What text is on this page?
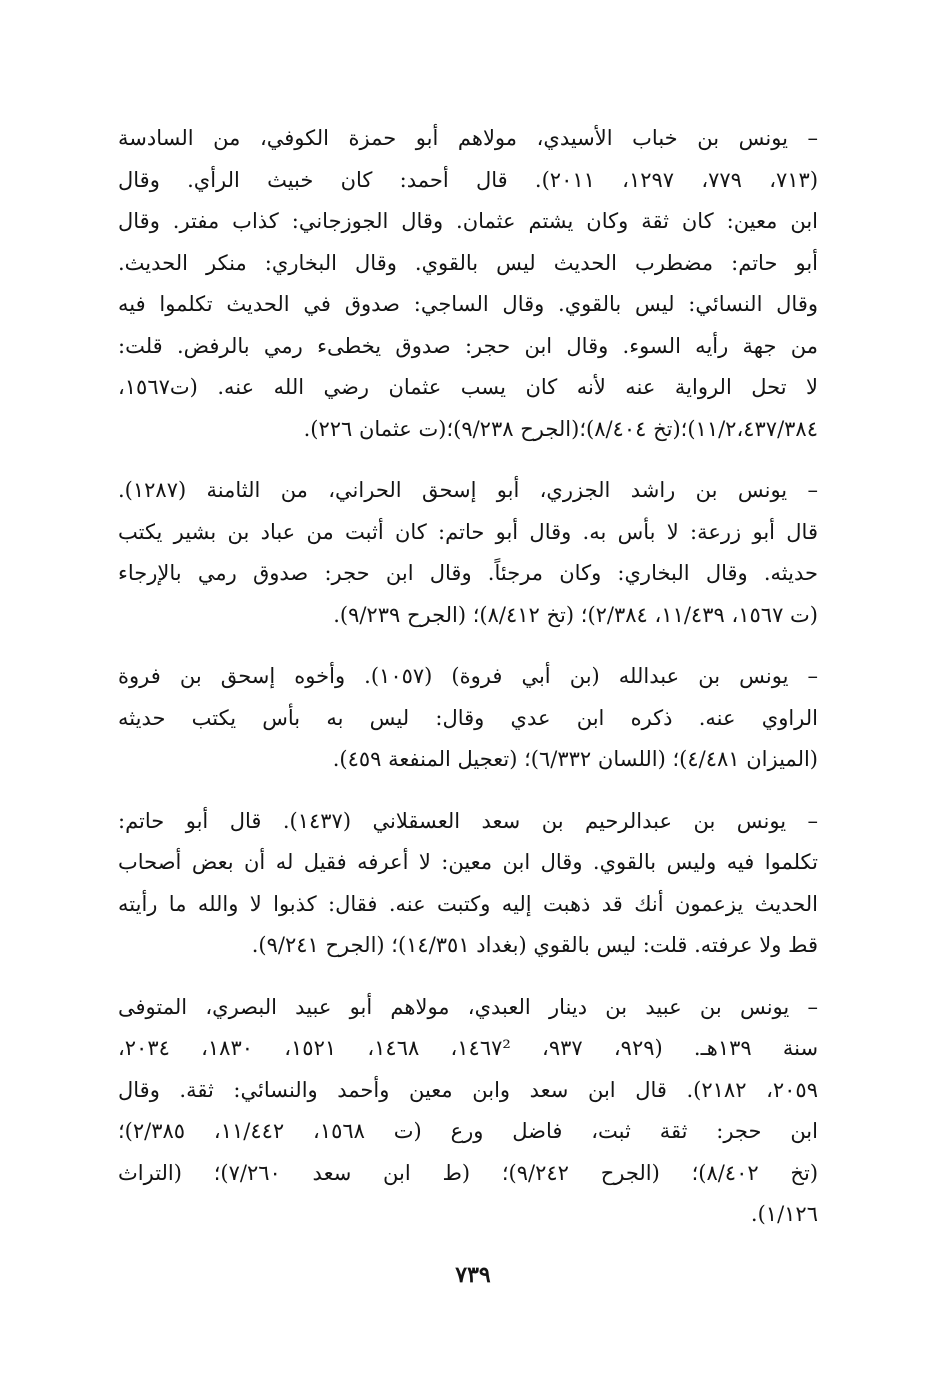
– يونس بن خباب الأسيدي، مولاهم أبو حمزة الكوفي، من السادسة
(٧١٣، ٧٧٩، ١٢٩٧، ٢٠١١). قال أحمد: كان خبيث الرأي. وقال
ابن معين: كان ثقة وكان يشتم عثمان. وقال الجوزجاني: كذاب مفتر. وقال
أبو حاتم: مضطرب الحديث ليس بالقوي. وقال البخاري: منكر الحديث.
وقال النسائي: ليس بالقوي. وقال الساجي: صدوق في الحديث تكلموا فيه
من جهة رأيه السوء. وقال ابن حجر: صدوق يخطىء رمي بالرفض. قلت:
لا تحل الرواية عنه لأنه كان يسب عثمان رضي الله عنه. (ت١٥٦٧،
١١/٢،٤٣٧/٣٨٤)؛(تخ ٨/٤٠٤)؛(الجرح ٩/٢٣٨)؛(ت عثمان ٢٢٦).
– يونس بن راشد الجزري، أبو إسحق الحراني، من الثامنة (١٢٨٧).
قال أبو زرعة: لا بأس به. وقال أبو حاتم: كان أثبت من عباد بن بشير يكتب
حديثه. وقال البخاري: وكان مرجئاً. وقال ابن حجر: صدوق رمي بالإرجاء
(ت ١٥٦٧، ١١/٤٣٩، ٢/٣٨٤)؛ (تخ ٨/٤١٢)؛ (الجرح ٩/٢٣٩).
– يونس بن عبدالله (بن أبي فروة) (١٠٥٧). وأخوه إسحق بن فروة
الراوي عنه. ذكره ابن عدي وقال: ليس به بأس يكتب حديثه
(الميزان ٤/٤٨١)؛ (اللسان ٦/٣٣٢)؛ (تعجيل المنفعة ٤٥٩).
– يونس بن عبدالرحيم بن سعد العسقلاني (١٤٣٧). قال أبو حاتم:
تكلموا فيه وليس بالقوي. وقال ابن معين: لا أعرفه فقيل له أن بعض أصحاب
الحديث يزعمون أنك قد ذهبت إليه وكتبت عنه. فقال: كذبوا لا والله ما رأيته
قط ولا عرفته. قلت: ليس بالقوي (بغداد ١٤/٣٥١)؛ (الجرح ٩/٢٤١).
– يونس بن عبيد بن دينار العبدي، مولاهم أبو عبيد البصري، المتوفى
سنة ١٣٩هـ. (٩٢٩، ٩٣٧، ١٤٦٧²، ١٤٦٨، ١٥٢١، ١٨٣٠، ٢٠٣٤،
٢٠٥٩، ٢١٨٢). قال ابن سعد وابن معين وأحمد والنسائي: ثقة. وقال
ابن حجر: ثقة ثبت، فاضل ورع (ت ١٥٦٨، ١١/٤٤٢، ٢/٣٨٥)؛
(تخ ٨/٤٠٢)؛ (الجرح ٩/٢٤٢)؛ (ط ابن سعد ٧/٢٦٠)؛ (التراث
١/١٢٦).
٧٣٩
